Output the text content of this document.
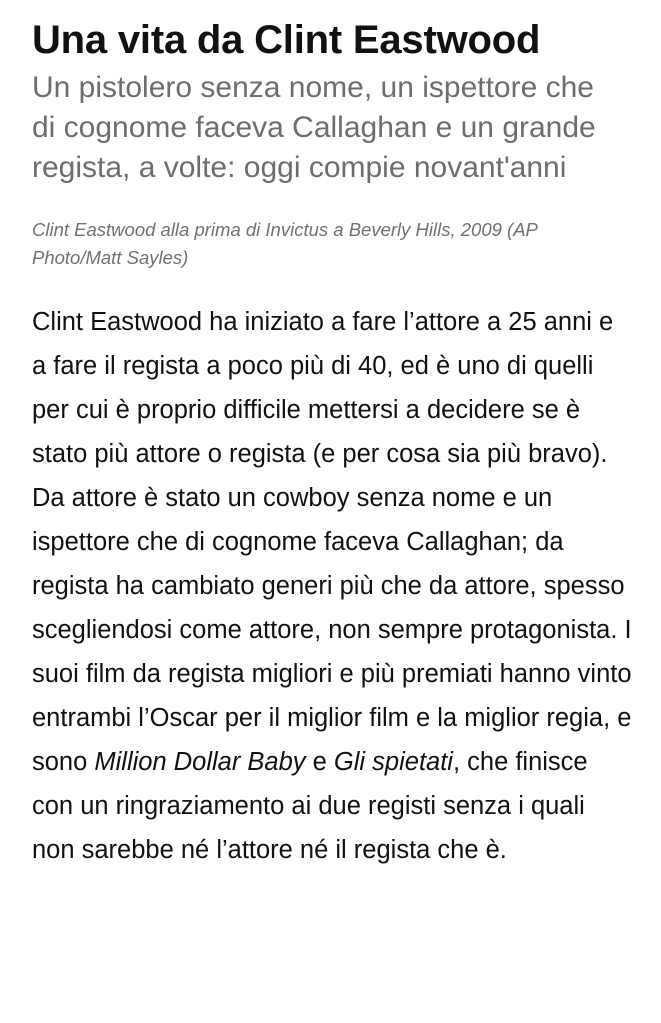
Una vita da Clint Eastwood

Un pistolero senza nome, un ispettore che di cognome faceva Callaghan e un grande regista, a volte: oggi compie novant'anni

Clint Eastwood alla prima di Invictus a Beverly Hills, 2009 (AP Photo/Matt Sayles)

Clint Eastwood ha iniziato a fare l’attore a 25 anni e a fare il regista a poco più di 40, ed è uno di quelli per cui è proprio difficile mettersi a decidere se è stato più attore o regista (e per cosa sia più bravo). Da attore è stato un cowboy senza nome e un ispettore che di cognome faceva Callaghan; da regista ha cambiato generi più che da attore, spesso scegliendosi come attore, non sempre protagonista. I suoi film da regista migliori e più premiati hanno vinto entrambi l’Oscar per il miglior film e la miglior regia, e sono Million Dollar Baby e Gli spietati, che finisce con un ringraziamento ai due registi senza i quali non sarebbe né l’attore né il regista che è.
